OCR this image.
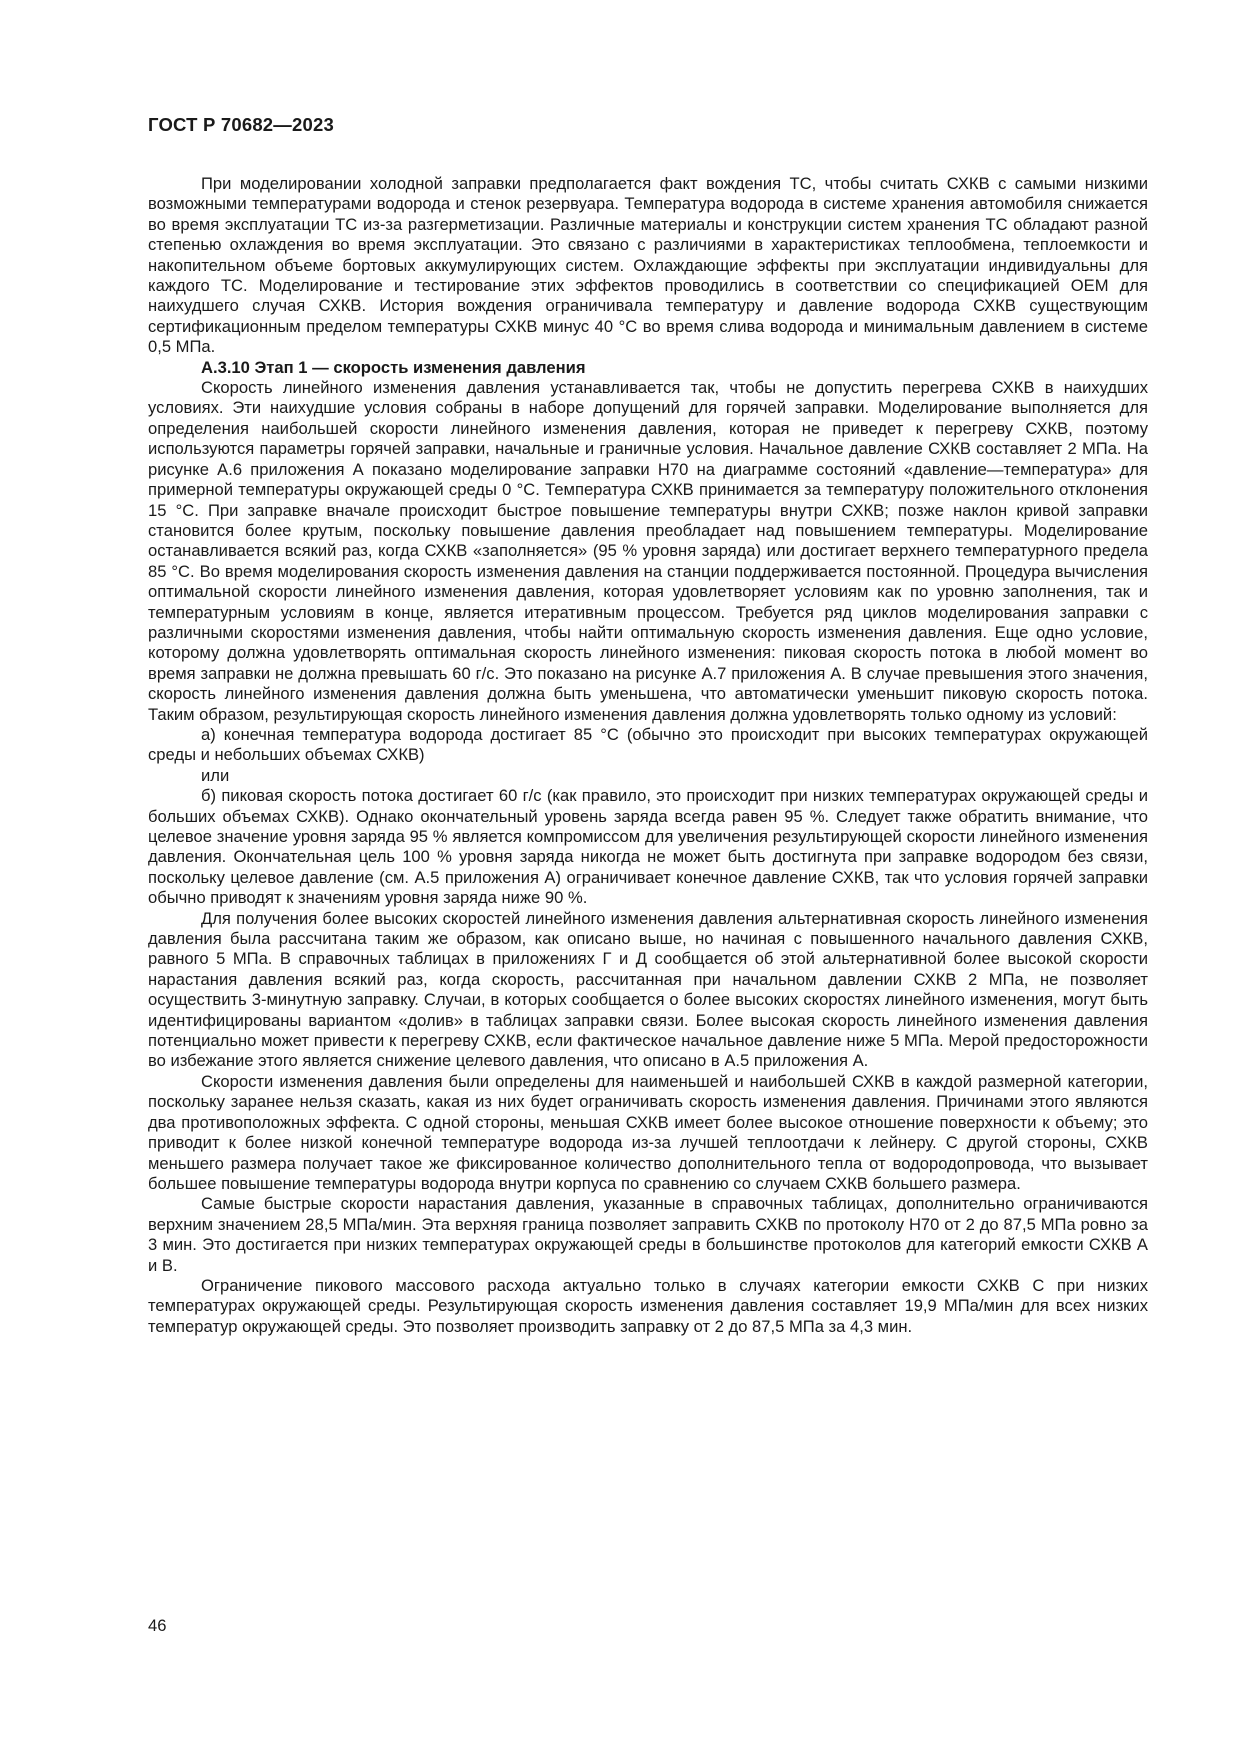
ГОСТ Р 70682—2023

При моделировании холодной заправки предполагается факт вождения ТС, чтобы считать СХКВ с самыми низкими возможными температурами водорода и стенок резервуара. Температура водорода в системе хранения автомобиля снижается во время эксплуатации ТС из-за разгерметизации. Различные материалы и конструкции систем хранения ТС обладают разной степенью охлаждения во время эксплуатации. Это связано с различиями в характеристиках теплообмена, теплоемкости и накопительном объеме бортовых аккумулирующих систем. Охлаждающие эффекты при эксплуатации индивидуальны для каждого ТС. Моделирование и тестирование этих эффектов проводились в соответствии со спецификацией OEM для наихудшего случая СХКВ. История вождения ограничивала температуру и давление водорода СХКВ существующим сертификационным пределом температуры СХКВ минус 40 °С во время слива водорода и минимальным давлением в системе 0,5 МПа.

А.3.10 Этап 1 — скорость изменения давления

Скорость линейного изменения давления устанавливается так, чтобы не допустить перегрева СХКВ в наихудших условиях. Эти наихудшие условия собраны в наборе допущений для горячей заправки. Моделирование выполняется для определения наибольшей скорости линейного изменения давления, которая не приведет к перегреву СХКВ, поэтому используются параметры горячей заправки, начальные и граничные условия. Начальное давление СХКВ составляет 2 МПа. На рисунке А.6 приложения А показано моделирование заправки Н70 на диаграмме состояний «давление—температура» для примерной температуры окружающей среды 0 °С. Температура СХКВ принимается за температуру положительного отклонения 15 °С. При заправке вначале происходит быстрое повышение температуры внутри СХКВ; позже наклон кривой заправки становится более крутым, поскольку повышение давления преобладает над повышением температуры. Моделирование останавливается всякий раз, когда СХКВ «заполняется» (95 % уровня заряда) или достигает верхнего температурного предела 85 °С. Во время моделирования скорость изменения давления на станции поддерживается постоянной. Процедура вычисления оптимальной скорости линейного изменения давления, которая удовлетворяет условиям как по уровню заполнения, так и температурным условиям в конце, является итеративным процессом. Требуется ряд циклов моделирования заправки с различными скоростями изменения давления, чтобы найти оптимальную скорость изменения давления. Еще одно условие, которому должна удовлетворять оптимальная скорость линейного изменения: пиковая скорость потока в любой момент во время заправки не должна превышать 60 г/с. Это показано на рисунке А.7 приложения А. В случае превышения этого значения, скорость линейного изменения давления должна быть уменьшена, что автоматически уменьшит пиковую скорость потока. Таким образом, результирующая скорость линейного изменения давления должна удовлетворять только одному из условий:

а) конечная температура водорода достигает 85 °С (обычно это происходит при высоких температурах окружающей среды и небольших объемах СХКВ)

или

б) пиковая скорость потока достигает 60 г/с (как правило, это происходит при низких температурах окружающей среды и больших объемах СХКВ). Однако окончательный уровень заряда всегда равен 95 %. Следует также обратить внимание, что целевое значение уровня заряда 95 % является компромиссом для увеличения результирующей скорости линейного изменения давления. Окончательная цель 100 % уровня заряда никогда не может быть достигнута при заправке водородом без связи, поскольку целевое давление (см. А.5 приложения А) ограничивает конечное давление СХКВ, так что условия горячей заправки обычно приводят к значениям уровня заряда ниже 90 %.

Для получения более высоких скоростей линейного изменения давления альтернативная скорость линейного изменения давления была рассчитана таким же образом, как описано выше, но начиная с повышенного начального давления СХКВ, равного 5 МПа. В справочных таблицах в приложениях Г и Д сообщается об этой альтернативной более высокой скорости нарастания давления всякий раз, когда скорость, рассчитанная при начальном давлении СХКВ 2 МПа, не позволяет осуществить 3-минутную заправку. Случаи, в которых сообщается о более высоких скоростях линейного изменения, могут быть идентифицированы вариантом «долив» в таблицах заправки связи. Более высокая скорость линейного изменения давления потенциально может привести к перегреву СХКВ, если фактическое начальное давление ниже 5 МПа. Мерой предосторожности во избежание этого является снижение целевого давления, что описано в А.5 приложения А.

Скорости изменения давления были определены для наименьшей и наибольшей СХКВ в каждой размерной категории, поскольку заранее нельзя сказать, какая из них будет ограничивать скорость изменения давления. Причинами этого являются два противоположных эффекта. С одной стороны, меньшая СХКВ имеет более высокое отношение поверхности к объему; это приводит к более низкой конечной температуре водорода из-за лучшей теплоотдачи к лейнеру. С другой стороны, СХКВ меньшего размера получает такое же фиксированное количество дополнительного тепла от водородопровода, что вызывает большее повышение температуры водорода внутри корпуса по сравнению со случаем СХКВ большего размера.

Самые быстрые скорости нарастания давления, указанные в справочных таблицах, дополнительно ограничиваются верхним значением 28,5 МПа/мин. Эта верхняя граница позволяет заправить СХКВ по протоколу Н70 от 2 до 87,5 МПа ровно за 3 мин. Это достигается при низких температурах окружающей среды в большинстве протоколов для категорий емкости СХКВ А и В.

Ограничение пикового массового расхода актуально только в случаях категории емкости СХКВ С при низких температурах окружающей среды. Результирующая скорость изменения давления составляет 19,9 МПа/мин для всех низких температур окружающей среды. Это позволяет производить заправку от 2 до 87,5 МПа за 4,3 мин.

46
